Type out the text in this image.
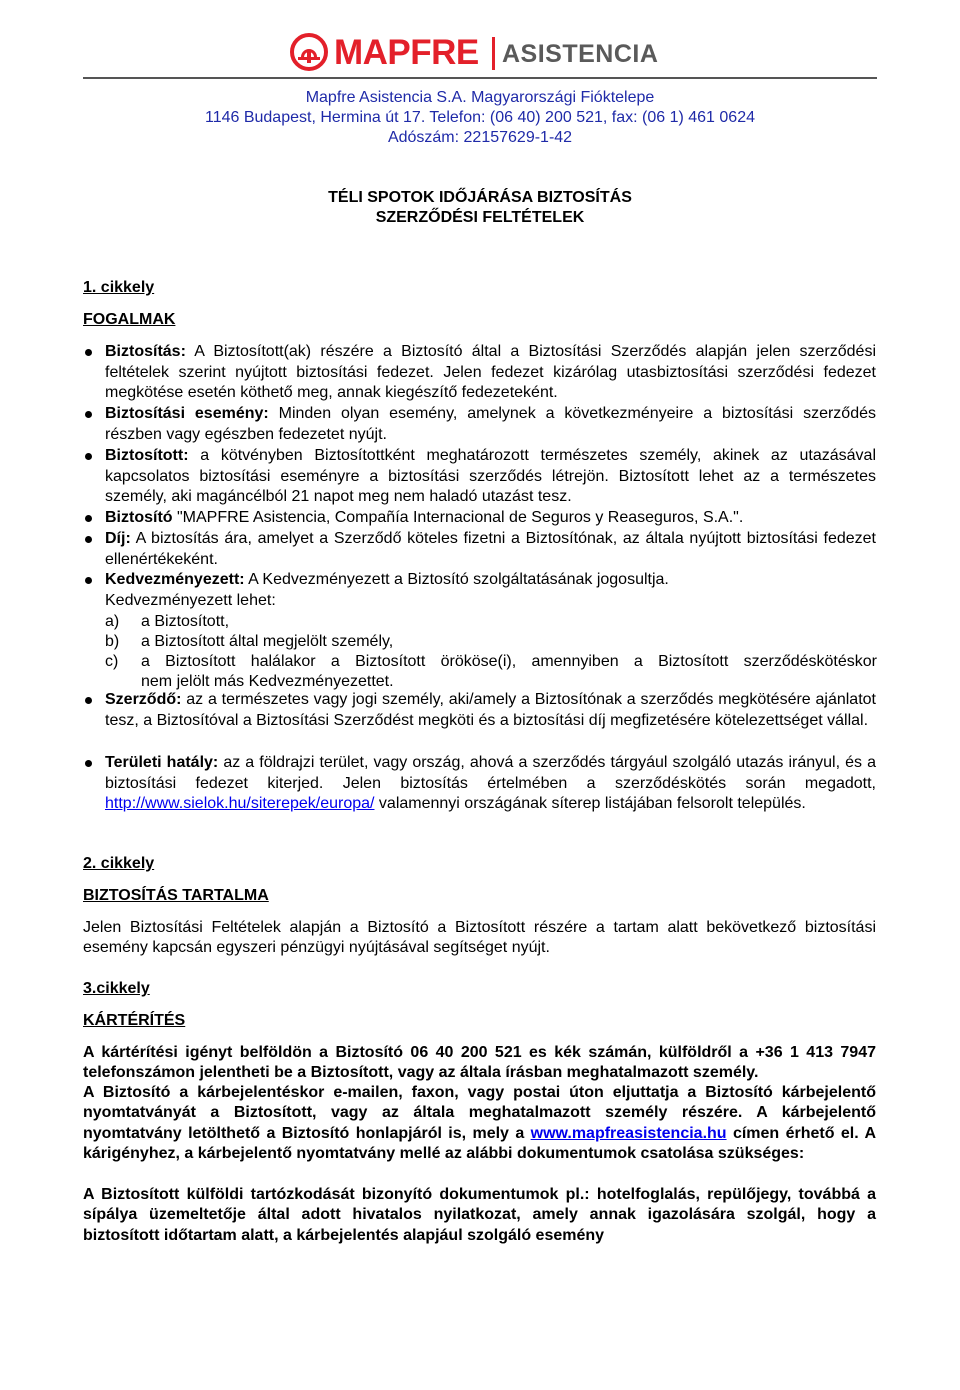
MAPFRE ASISTENCIA
Mapfre Asistencia S.A. Magyarországi Fióktelepe
1146 Budapest, Hermina út 17. Telefon: (06 40) 200 521, fax: (06 1) 461 0624
Adószám: 22157629-1-42
TÉLI SPOTOK IDŐJÁRÁSA BIZTOSÍTÁS
SZERZŐDÉSI FELTÉTELEK
1. cikkely
FOGALMAK
Biztosítás: A Biztosított(ak) részére a Biztosító által a Biztosítási Szerződés alapján jelen szerződési feltételek szerint nyújtott biztosítási fedezet. Jelen fedezet kizárólag utasbiztosítási szerződési fedezet megkötése esetén köthető meg, annak kiegészítő fedezeteként.
Biztosítási esemény: Minden olyan esemény, amelynek a következményeire a biztosítási szerződés részben vagy egészben fedezetet nyújt.
Biztosított: a kötvényben Biztosítottként meghatározott természetes személy, akinek az utazásával kapcsolatos biztosítási eseményre a biztosítási szerződés létrejön. Biztosított lehet az a természetes személy, aki magáncélból 21 napot meg nem haladó utazást tesz.
Biztosító "MAPFRE Asistencia, Compañía Internacional de Seguros y Reaseguros, S.A.".
Díj: A biztosítás ára, amelyet a Szerződő köteles fizetni a Biztosítónak, az általa nyújtott biztosítási fedezet ellenértékeként.
Kedvezményezett: A Kedvezményezett a Biztosító szolgáltatásának jogosultja.
Kedvezményezett lehet:
a) a Biztosított,
b) a Biztosított által megjelölt személy,
c) a Biztosított halálakor a Biztosított örököse(i), amennyiben a Biztosított szerződéskötéskor
nem jelölt más Kedvezményezettet.
Szerződő: az a természetes vagy jogi személy, aki/amely a Biztosítónak a szerződés megkötésére ajánlatot tesz, a Biztosítóval a Biztosítási Szerződést megköti és a biztosítási díj megfizetésére kötelezettséget vállal.
Területi hatály: az a földrajzi terület, vagy ország, ahová a szerződés tárgyául szolgáló utazás irányul, és a biztosítási fedezet kiterjed. Jelen biztosítás értelmében a szerződéskötés során megadott, http://www.sielok.hu/siterepek/europa/ valamennyi országának síterep listájában felsorolt település.
2. cikkely
BIZTOSÍTÁS TARTALMA
Jelen Biztosítási Feltételek alapján a Biztosító a Biztosított részére a tartam alatt bekövetkező biztosítási esemény kapcsán egyszeri pénzügyi nyújtásával segítséget nyújt.
3.cikkely
KÁRTÉRÍTÉS
A kártérítési igényt belföldön a Biztosító 06 40 200 521 es kék számán, külföldről a +36 1 413 7947 telefonszámon jelentheti be a Biztosított, vagy az általa írásban meghatalmazott személy.
A Biztosító a kárbejelentéskor e-mailen, faxon, vagy postai úton eljuttatja a Biztosító kárbejelentő nyomtatványát a Biztosított, vagy az általa meghatalmazott személy részére. A kárbejelentő nyomtatvány letölthető a Biztosító honlapjáról is, mely a www.mapfreasistencia.hu címen érhető el. A kárigényhez, a kárbejelentő nyomtatvány mellé az alábbi dokumentumok csatolása szükséges:
A Biztosított külföldi tartózkodását bizonyító dokumentumok pl.: hotelfoglalás, repülőjegy, továbbá a sípálya üzemeltetője által adott hivatalos nyilatkozat, amely annak igazolására szolgál, hogy a biztosított időtartam alatt, a kárbejelentés alapjául szolgáló esemény
